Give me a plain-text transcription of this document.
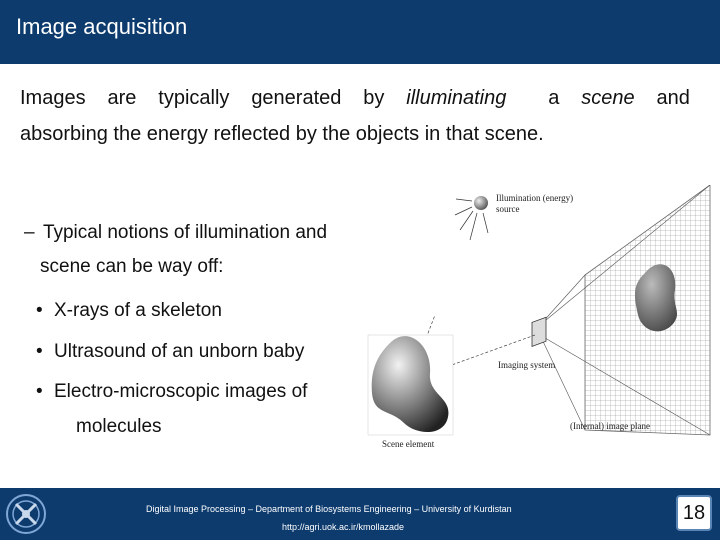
Image acquisition
Images are typically generated by illuminating a scene and
absorbing the energy reflected by the objects in that scene.
– Typical notions of illumination and
scene can be way off:
• X-rays of a skeleton
• Ultrasound of an unborn baby
• Electro-microscopic images of
molecules
Illumination (energy)
source
Imaging system
(Internal) image plane
Scene element
Digital Image Processing – Department of Biosystems Engineering – University of Kurdistan
http://agri.uok.ac.ir/kmollazade
18
